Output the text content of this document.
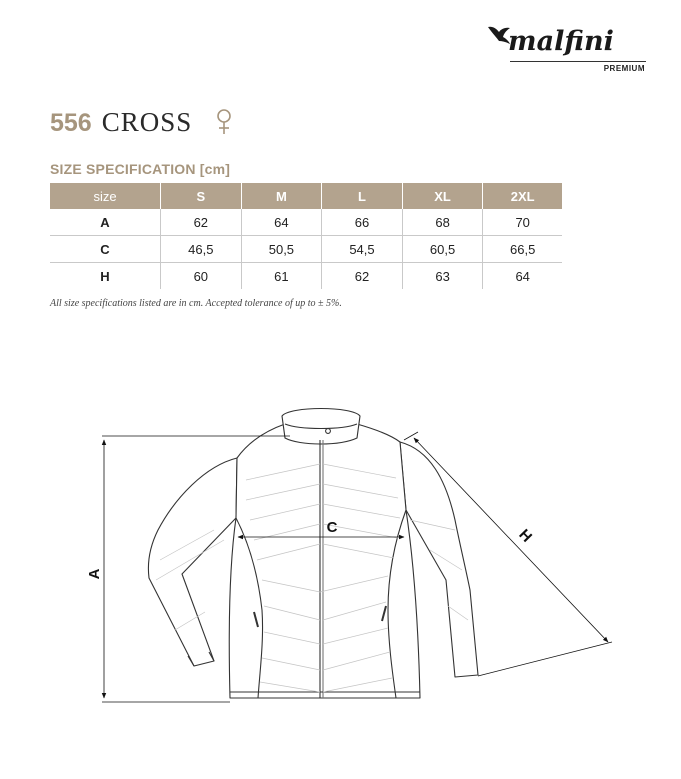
malfini
PREMIUM
556 CROSS
SIZE SPECIFICATION [cm]
size	S	M	L	XL	2XL
A	62	64	66	68	70
C	46,5	50,5	54,5	60,5	66,5
H	60	61	62	63	64
All size specifications listed are in cm. Accepted tolerance of up to ± 5%.
A
C	H
